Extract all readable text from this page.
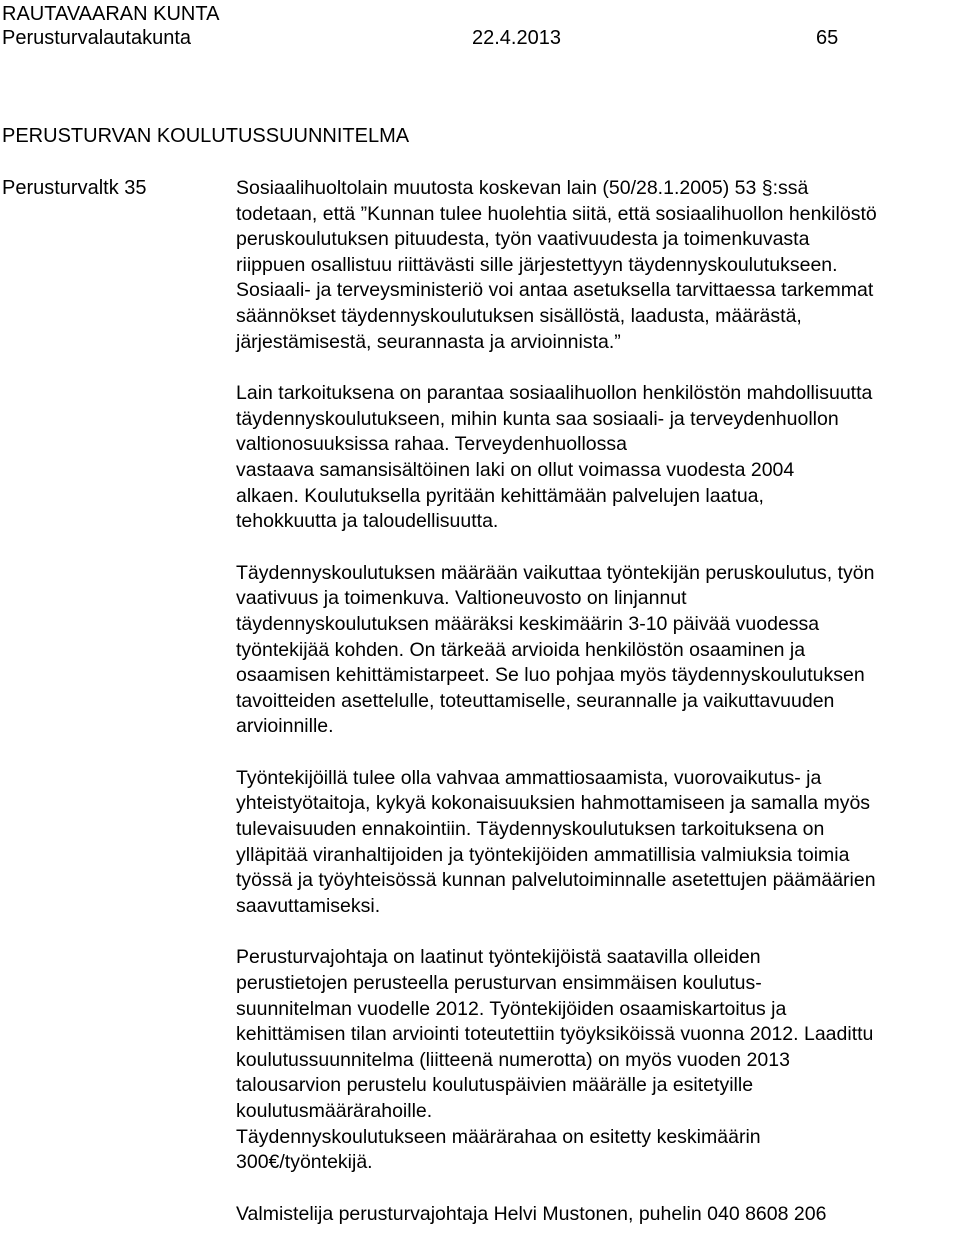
RAUTAVAARAN KUNTA
Perusturvalautakunta	22.4.2013	65
PERUSTURVAN KOULUTUSSUUNNITELMA
Perusturvaltk 35	Sosiaalihuoltolain muutosta koskevan lain (50/28.1.2005) 53 §:ssä
todetaan, että ”Kunnan tulee huolehtia siitä, että sosiaalihuollon henkilöstö
peruskoulutuksen pituudesta, työn vaativuudesta ja toimenkuvasta
riippuen osallistuu riittävästi sille järjestettyyn täydennyskoulutukseen.
Sosiaali- ja terveysministeriö voi antaa asetuksella tarvittaessa tarkemmat
säännökset täydennyskoulutuksen sisällöstä, laadusta, määrästä,
järjestämisestä, seurannasta ja arvioinnista.”
Lain tarkoituksena on parantaa sosiaalihuollon henkilöstön mahdollisuutta
täydennyskoulutukseen, mihin kunta saa sosiaali- ja terveydenhuollon
valtionosuuksissa rahaa. Terveydenhuollossa
vastaava samansisältöinen laki on ollut voimassa vuodesta 2004
alkaen. Koulutuksella pyritään kehittämään palvelujen laatua,
tehokkuutta ja taloudellisuutta.
Täydennyskoulutuksen määrään vaikuttaa työntekijän peruskoulutus, työn
vaativuus ja toimenkuva. Valtioneuvosto on linjannut
täydennyskoulutuksen määräksi keskimäärin 3-10 päivää vuodessa
työntekijää kohden. On tärkeää arvioida henkilöstön osaaminen ja
osaamisen kehittämistarpeet. Se luo pohjaa myös täydennyskoulutuksen
tavoitteiden asettelulle, toteuttamiselle, seurannalle ja vaikuttavuuden
arvioinnille.
Työntekijöillä tulee olla vahvaa ammattiosaamista, vuorovaikutus- ja
yhteistyötaitoja, kykyä kokonaisuuksien hahmottamiseen ja samalla myös
tulevaisuuden ennakointiin. Täydennyskoulutuksen tarkoituksena on
ylläpitää viranhaltijoiden ja työntekijöiden ammatillisia valmiuksia toimia
työssä ja työyhteisössä kunnan palvelutoiminnalle asetettujen päämäärien
saavuttamiseksi.
Perusturvajohtaja on laatinut työntekijöistä saatavilla olleiden
perustietojen perusteella perusturvan ensimmäisen koulutus-
suunnitelman vuodelle 2012. Työntekijöiden osaamiskartoitus ja
kehittämisen tilan arviointi toteutettiin työyksiköissä vuonna 2012. Laadittu
koulutussuunnitelma (liitteenä numerotta) on myös vuoden 2013
talousarvion perustelu koulutuspäivien määrälle ja esitetyille
koulutusmäärärahoille.
Täydennyskoulutukseen määrärahaa on esitetty keskimäärin
300€/työntekijä.
Valmistelija perusturvajohtaja Helvi Mustonen, puhelin 040 8608 206
